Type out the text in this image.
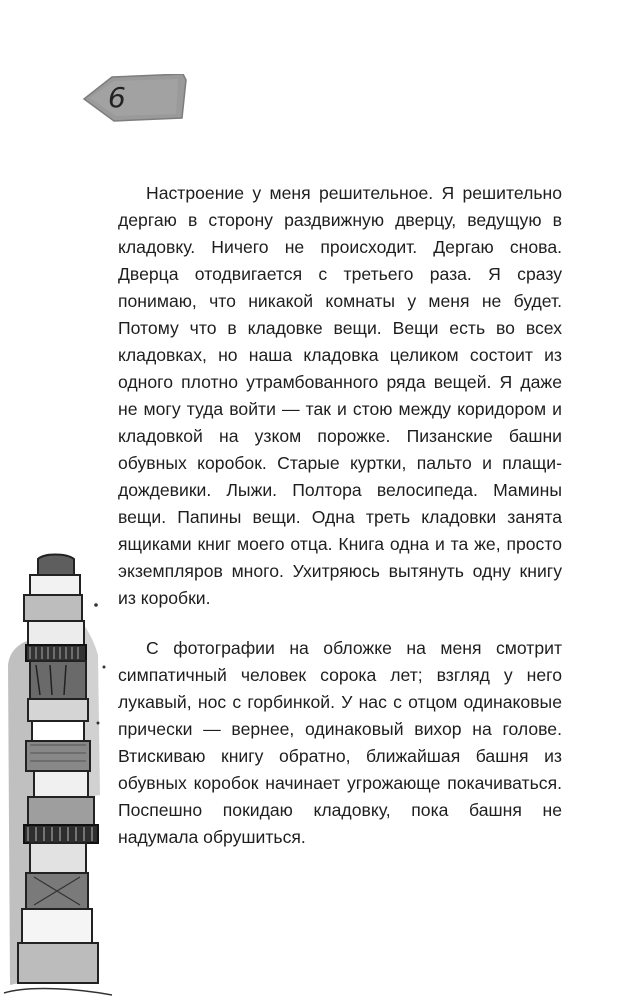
6

Настроение у меня решительное. Я решительно дергаю в сторону раздвижную дверцу, ведущую в кладовку. Ничего не происходит. Дергаю снова. Дверца отодвигается с третьего раза. Я сразу понимаю, что никакой комнаты у меня не будет. Потому что в кладовке вещи. Вещи есть во всех кладовках, но наша кладовка целиком состоит из одного плотно утрамбованного ряда вещей. Я даже не могу туда войти — так и стою между коридором и кладовкой на узком порожке. Пизанские башни обувных коробок. Старые куртки, пальто и плащи-дождевики. Лыжи. Полтора велосипеда. Мамины вещи. Папины вещи. Одна треть кладовки занята ящиками книг моего отца. Книга одна и та же, просто экземпляров много. Ухитряюсь вытянуть одну книгу из коробки.

С фотографии на обложке на меня смотрит симпатичный человек сорока лет; взгляд у него лукавый, нос с горбинкой. У нас с отцом одинаковые прически — вернее, одинаковый вихор на голове. Втискиваю книгу обратно, ближайшая башня из обувных коробок начинает угрожающе покачиваться. Поспешно покидаю кладовку, пока башня не надумала обрушиться.
